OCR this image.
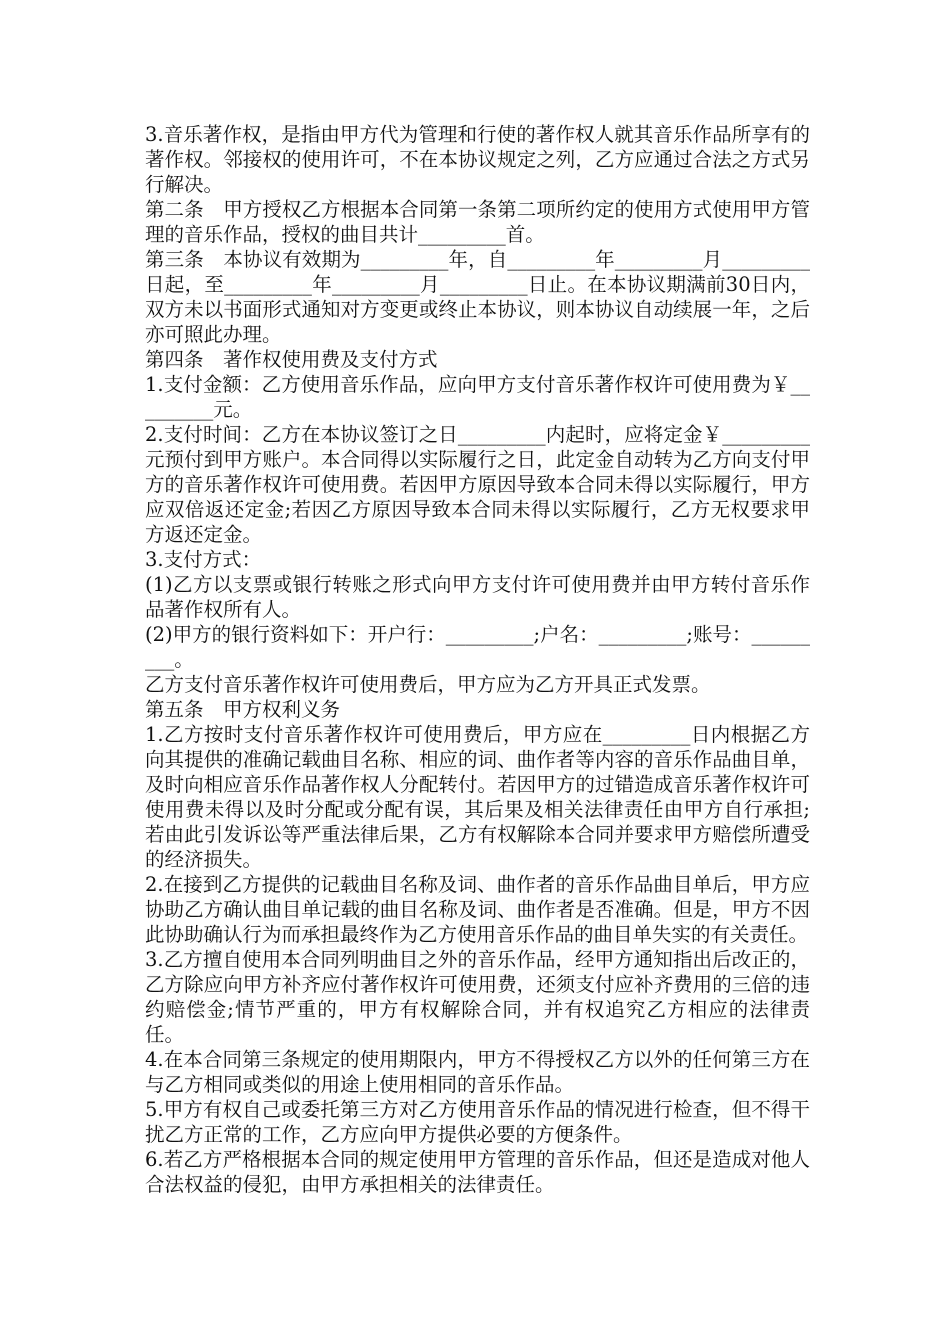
3.音乐著作权，是指由甲方代为管理和行使的著作权人就其音乐作品所享有的著作权。邻接权的使用许可，不在本协议规定之列，乙方应通过合法之方式另行解决。

第二条　甲方授权乙方根据本合同第一条第二项所约定的使用方式使用甲方管理的音乐作品，授权的曲目共计_________首。

第三条　本协议有效期为_________年，自_________年_________月_________日起，至_________年_________月_________日止。在本协议期满前30日内，双方未以书面形式通知对方变更或终止本协议，则本协议自动续展一年，之后亦可照此办理。

第四条　著作权使用费及支付方式

1.支付金额：乙方使用音乐作品，应向甲方支付音乐著作权许可使用费为￥_________元。

2.支付时间：乙方在本协议签订之日_________内起时，应将定金￥_________元预付到甲方账户。本合同得以实际履行之日，此定金自动转为乙方向支付甲方的音乐著作权许可使用费。若因甲方原因导致本合同未得以实际履行，甲方应双倍返还定金;若因乙方原因导致本合同未得以实际履行，乙方无权要求甲方返还定金。

3.支付方式：

(1)乙方以支票或银行转账之形式向甲方支付许可使用费并由甲方转付音乐作品著作权所有人。

(2)甲方的银行资料如下：开户行：_________;户名：_________;账号：_________。

乙方支付音乐著作权许可使用费后，甲方应为乙方开具正式发票。

第五条　甲方权利义务

1.乙方按时支付音乐著作权许可使用费后，甲方应在_________日内根据乙方向其提供的准确记载曲目名称、相应的词、曲作者等内容的音乐作品曲目单，及时向相应音乐作品著作权人分配转付。若因甲方的过错造成音乐著作权许可使用费未得以及时分配或分配有误，其后果及相关法律责任由甲方自行承担;若由此引发诉讼等严重法律后果，乙方有权解除本合同并要求甲方赔偿所遭受的经济损失。

2.在接到乙方提供的记载曲目名称及词、曲作者的音乐作品曲目单后，甲方应协助乙方确认曲目单记载的曲目名称及词、曲作者是否准确。但是，甲方不因此协助确认行为而承担最终作为乙方使用音乐作品的曲目单失实的有关责任。

3.乙方擅自使用本合同列明曲目之外的音乐作品，经甲方通知指出后改正的，乙方除应向甲方补齐应付著作权许可使用费，还须支付应补齐费用的三倍的违约赔偿金;情节严重的，甲方有权解除合同，并有权追究乙方相应的法律责任。

4.在本合同第三条规定的使用期限内，甲方不得授权乙方以外的任何第三方在与乙方相同或类似的用途上使用相同的音乐作品。

5.甲方有权自己或委托第三方对乙方使用音乐作品的情况进行检查，但不得干扰乙方正常的工作，乙方应向甲方提供必要的方便条件。

6.若乙方严格根据本合同的规定使用甲方管理的音乐作品，但还是造成对他人合法权益的侵犯，由甲方承担相关的法律责任。
